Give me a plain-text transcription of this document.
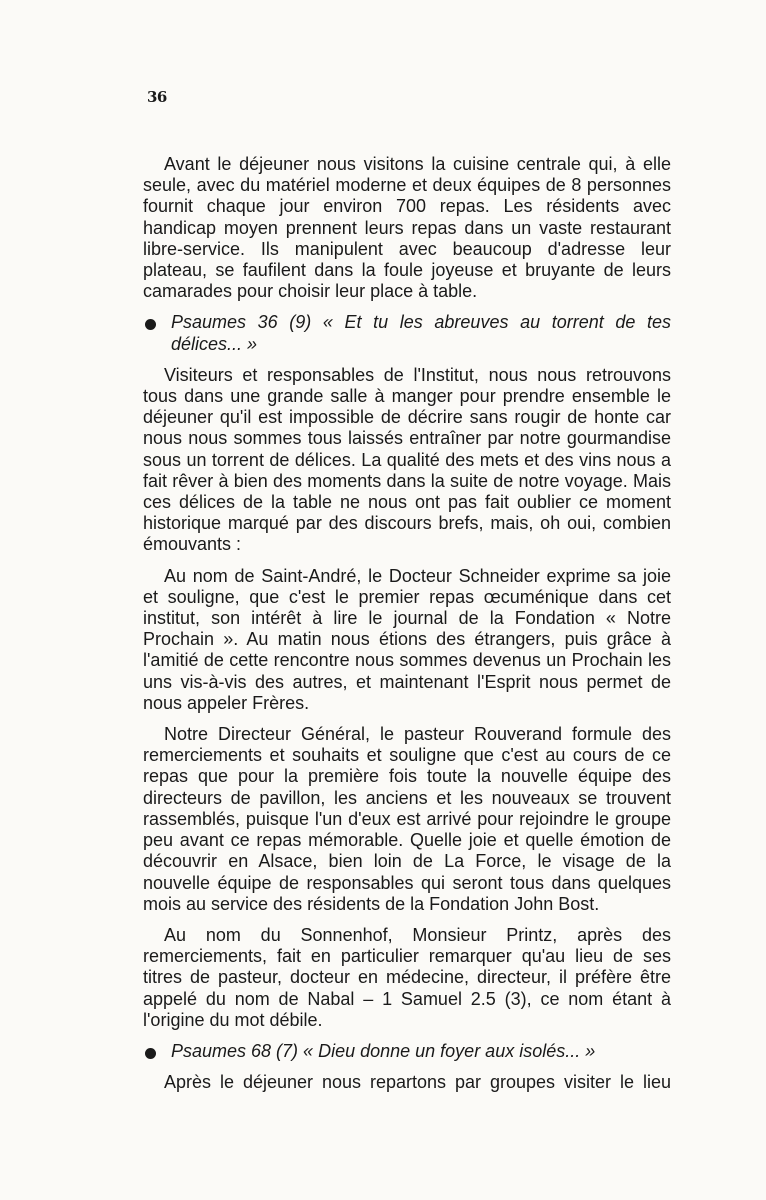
36

Avant le déjeuner nous visitons la cuisine centrale qui, à elle seule, avec du matériel moderne et deux équipes de 8 personnes fournit chaque jour environ 700 repas. Les résidents avec handicap moyen prennent leurs repas dans un vaste restaurant libre-service. Ils manipulent avec beaucoup d'adresse leur plateau, se faufilent dans la foule joyeuse et bruyante de leurs camarades pour choisir leur place à table.

Psaumes 36 (9) « Et tu les abreuves au torrent de tes délices... »

Visiteurs et responsables de l'Institut, nous nous retrouvons tous dans une grande salle à manger pour prendre ensemble le déjeuner qu'il est impossible de décrire sans rougir de honte car nous nous sommes tous laissés entraîner par notre gourmandise sous un torrent de délices. La qualité des mets et des vins nous a fait rêver à bien des moments dans la suite de notre voyage. Mais ces délices de la table ne nous ont pas fait oublier ce moment historique marqué par des discours brefs, mais, oh oui, combien émouvants :

Au nom de Saint-André, le Docteur Schneider exprime sa joie et souligne, que c'est le premier repas œcuménique dans cet institut, son intérêt à lire le journal de la Fondation « Notre Prochain ». Au matin nous étions des étrangers, puis grâce à l'amitié de cette rencontre nous sommes devenus un Prochain les uns vis-à-vis des autres, et maintenant l'Esprit nous permet de nous appeler Frères.

Notre Directeur Général, le pasteur Rouverand formule des remerciements et souhaits et souligne que c'est au cours de ce repas que pour la première fois toute la nouvelle équipe des directeurs de pavillon, les anciens et les nouveaux se trouvent rassemblés, puisque l'un d'eux est arrivé pour rejoindre le groupe peu avant ce repas mémorable. Quelle joie et quelle émotion de découvrir en Alsace, bien loin de La Force, le visage de la nouvelle équipe de responsables qui seront tous dans quelques mois au service des résidents de la Fondation John Bost.

Au nom du Sonnenhof, Monsieur Printz, après des remerciements, fait en particulier remarquer qu'au lieu de ses titres de pasteur, docteur en médecine, directeur, il préfère être appelé du nom de Nabal – 1 Samuel 2.5 (3), ce nom étant à l'origine du mot débile.

Psaumes 68 (7) « Dieu donne un foyer aux isolés... »

Après le déjeuner nous repartons par groupes visiter le lieu
